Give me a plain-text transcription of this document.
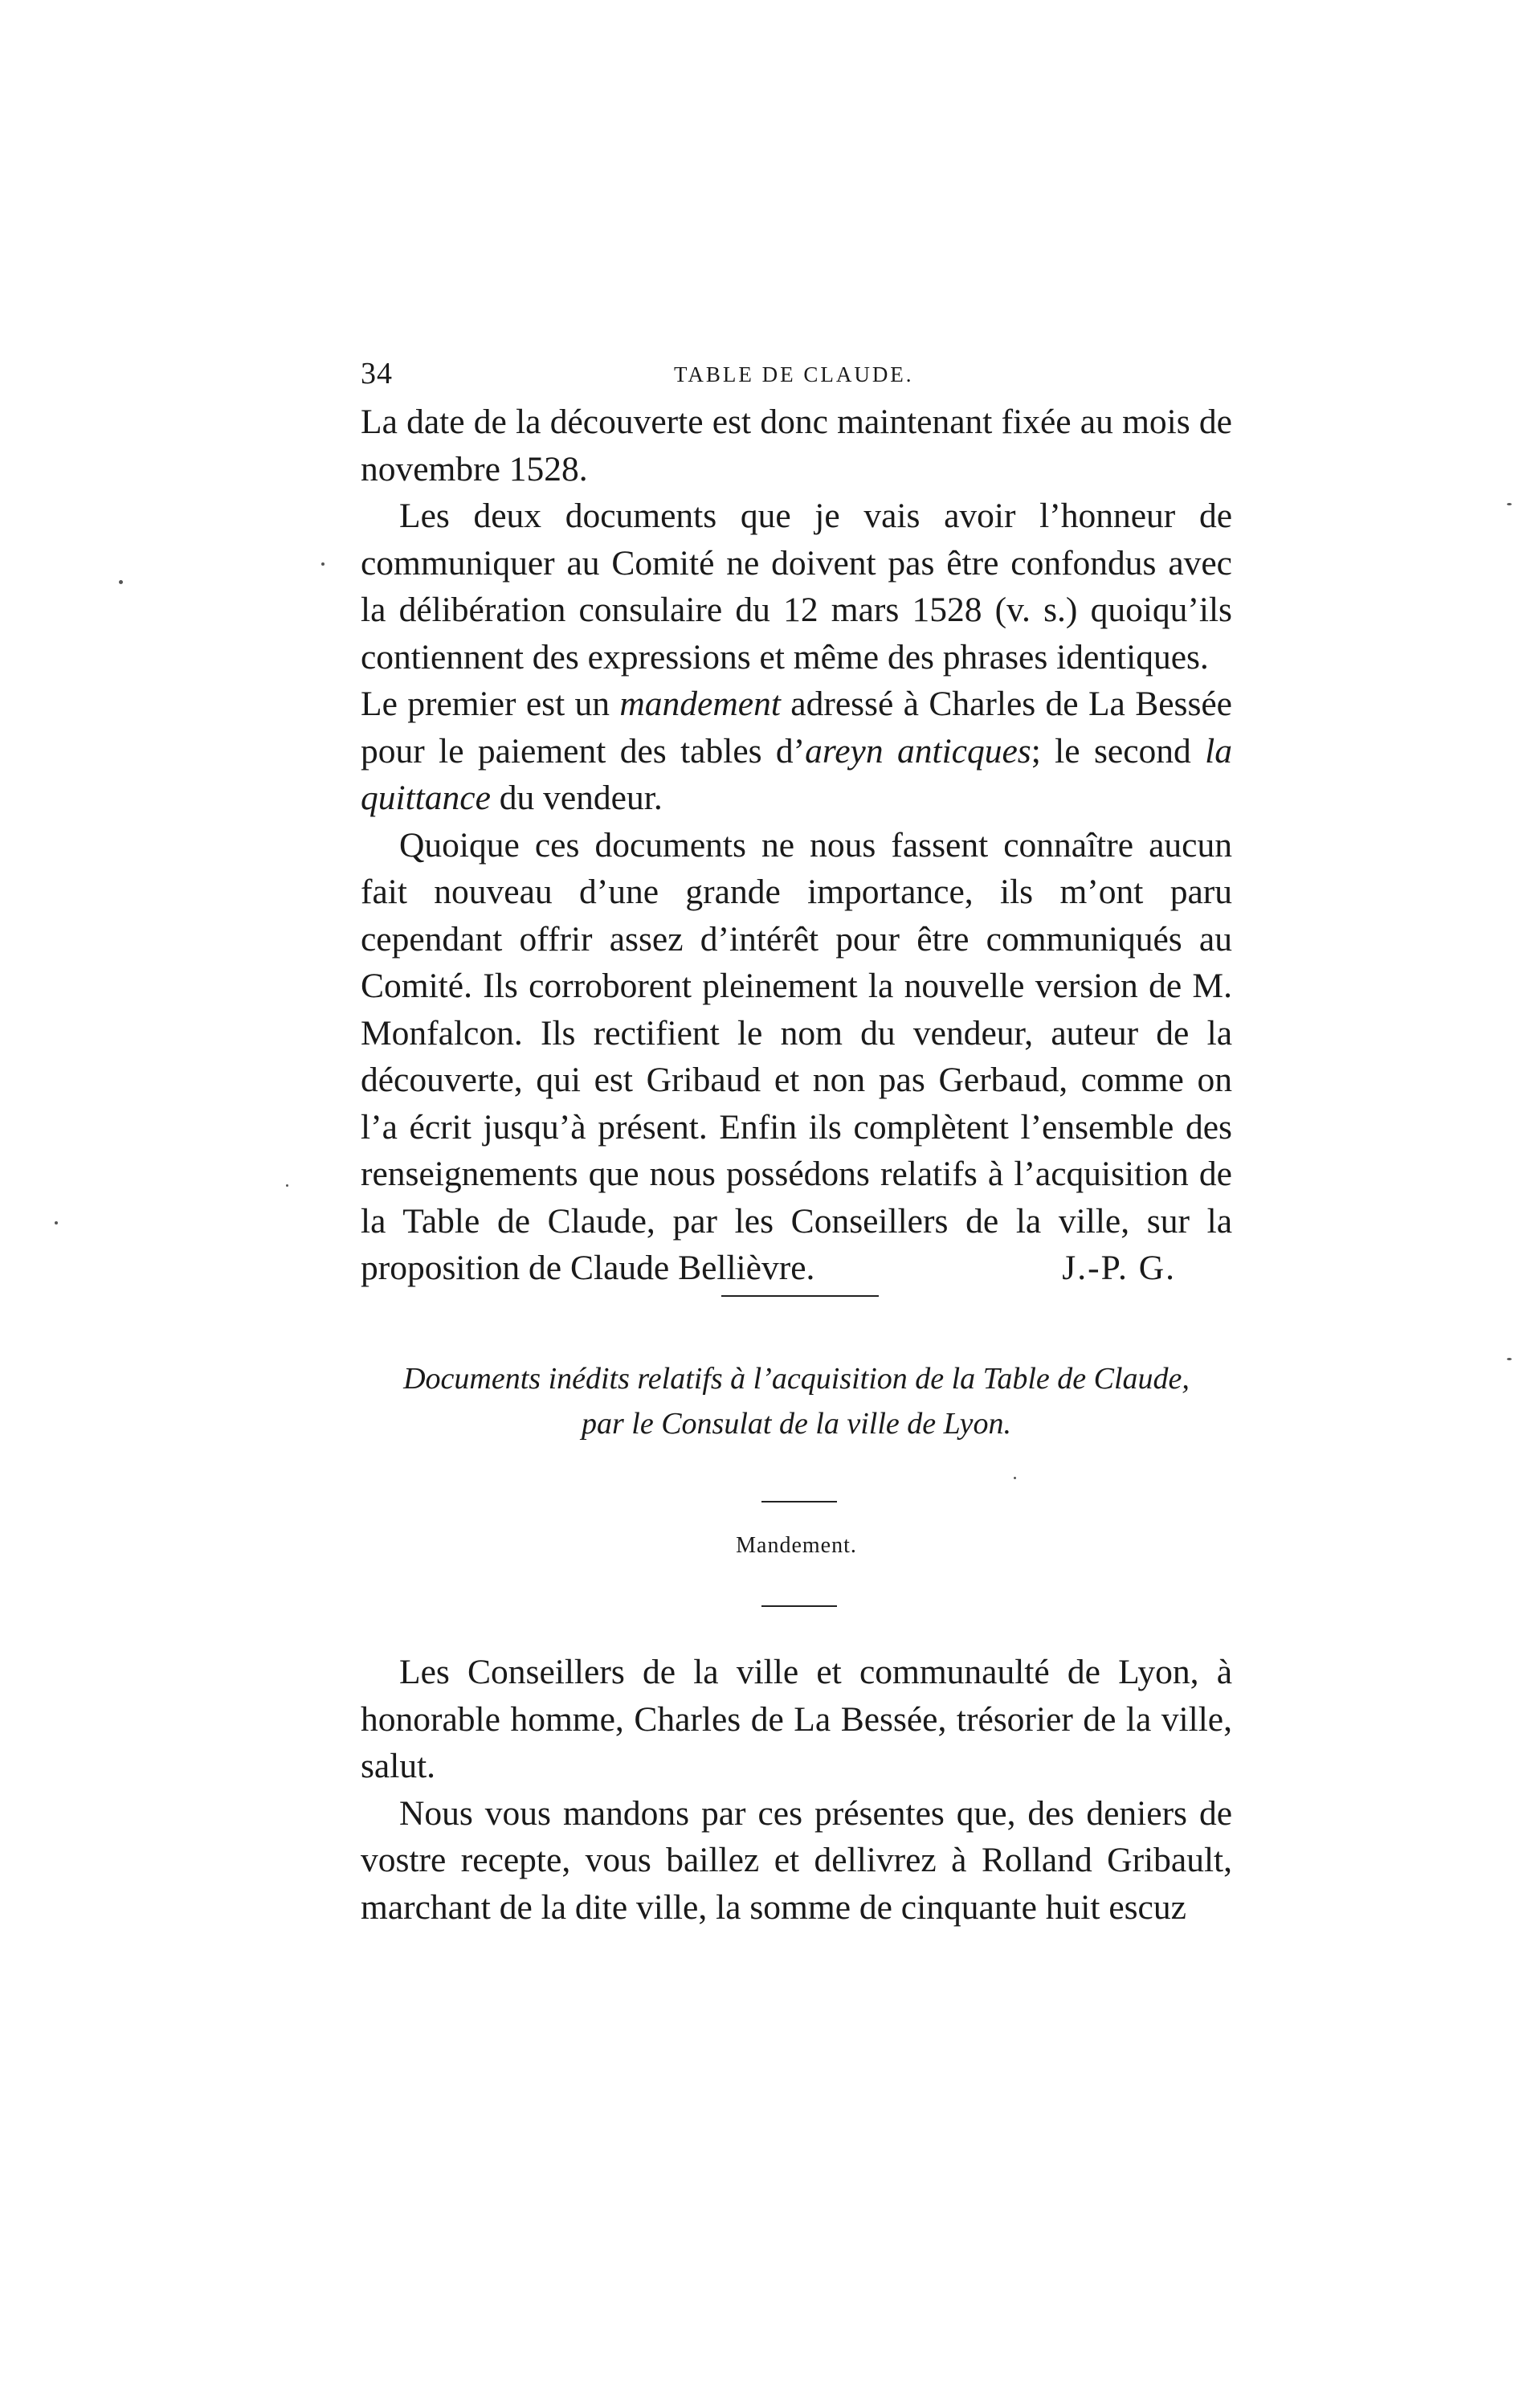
34	TABLE DE CLAUDE.

La date de la découverte est donc maintenant fixée au mois de novembre 1528.

Les deux documents que je vais avoir l’honneur de communiquer au Comité ne doivent pas être confondus avec la délibération consulaire du 12 mars 1528 (v. s.) quoiqu’ils contiennent des expressions et même des phrases identiques.

Le premier est un mandement adressé à Charles de La Bessée pour le paiement des tables d’areyn anticques; le second la quittance du vendeur.

Quoique ces documents ne nous fassent connaître aucun fait nouveau d’une grande importance, ils m’ont paru cependant offrir assez d’intérêt pour être communiqués au Comité. Ils corroborent pleinement la nouvelle version de M. Monfalcon. Ils rectifient le nom du vendeur, auteur de la découverte, qui est Gribaud et non pas Gerbaud, comme on l’a écrit jusqu’à présent. Enfin ils complètent l’ensemble des renseignements que nous possédons relatifs à l’acquisition de la Table de Claude, par les Conseillers de la ville, sur la proposition de Claude Bellièvre.	J.-P. G.

Documents inédits relatifs à l’acquisition de la Table de Claude,
par le Consulat de la ville de Lyon.
Mandement.

Les Conseillers de la ville et communaulté de Lyon, à honorable homme, Charles de La Bessée, trésorier de la ville, salut.

Nous vous mandons par ces présentes que, des deniers de vostre recepte, vous baillez et dellivrez à Rolland Gribault, marchant de la dite ville, la somme de cinquante huit escuz
